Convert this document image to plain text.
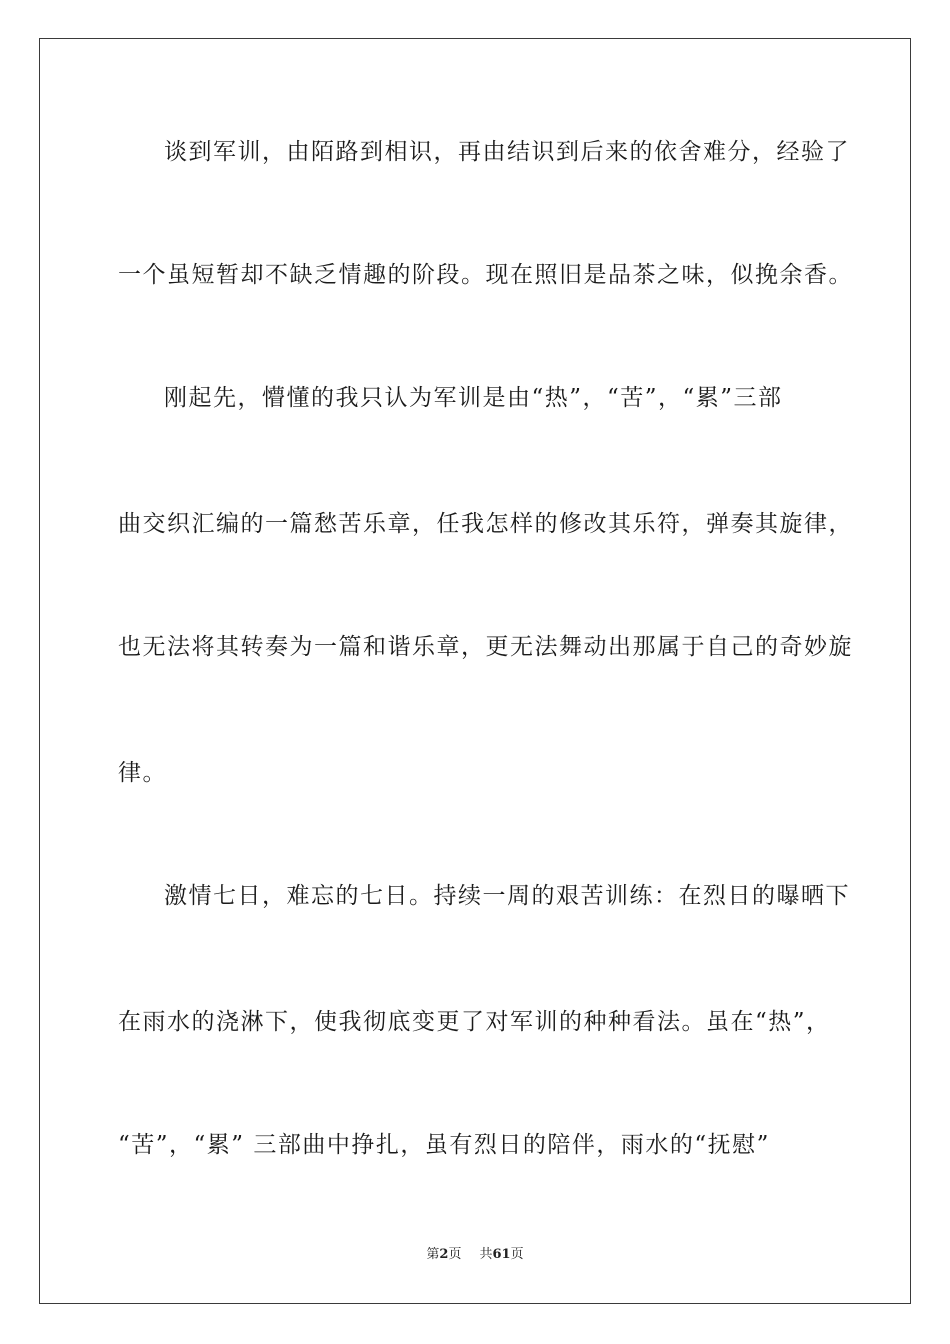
谈到军训，由陌路到相识，再由结识到后来的依舍难分，经验了
一个虽短暂却不缺乏情趣的阶段。现在照旧是品茶之味，似挽余香。
刚起先，懵懂的我只认为军训是由“热”，“苦”，“累”三部
曲交织汇编的一篇愁苦乐章，任我怎样的修改其乐符，弹奏其旋律，
也无法将其转奏为一篇和谐乐章，更无法舞动出那属于自己的奇妙旋
律。
激情七日，难忘的七日。持续一周的艰苦训练：在烈日的曝晒下
在雨水的浇淋下，使我彻底变更了对军训的种种看法。虽在“热”，
“苦”，“累” 三部曲中挣扎，虽有烈日的陪伴，雨水的“抚慰”
第2页 共61页
